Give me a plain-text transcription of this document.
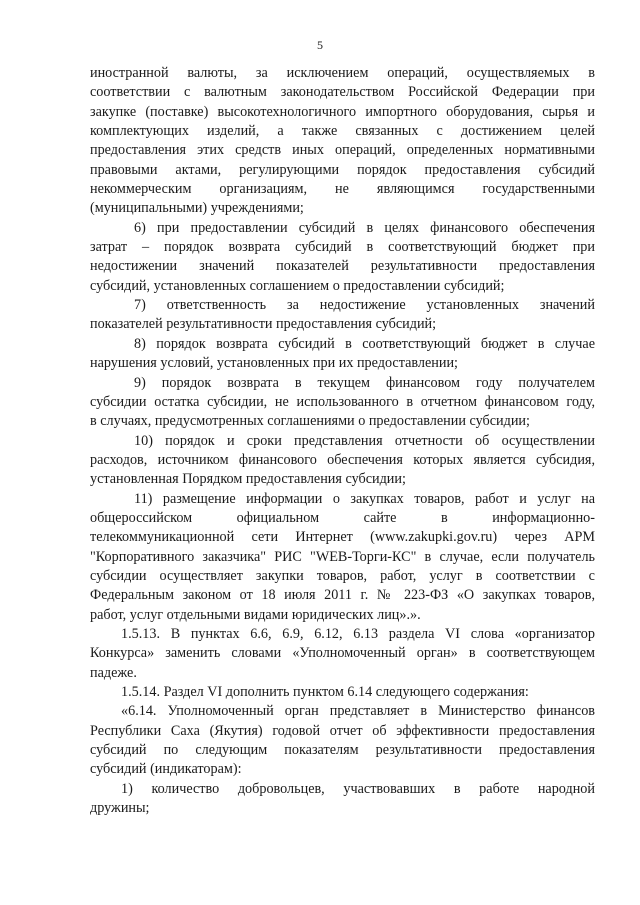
5
иностранной валюты, за исключением операций, осуществляемых в
соответствии с валютным законодательством Российской Федерации при
закупке (поставке) высокотехнологичного импортного оборудования, сырья и
комплектующих изделий, а также связанных с достижением целей
предоставления этих средств иных операций, определенных нормативными
правовыми актами, регулирующими порядок предоставления субсидий
некоммерческим организациям, не являющимся государственными
(муниципальными) учреждениями;
6) при предоставлении субсидий в целях финансового обеспечения
затрат – порядок возврата субсидий в соответствующий бюджет при
недостижении значений показателей результативности предоставления
субсидий, установленных соглашением о предоставлении субсидий;
7) ответственность за недостижение установленных значений
показателей результативности предоставления субсидий;
8) порядок возврата субсидий в соответствующий бюджет в случае
нарушения условий, установленных при их предоставлении;
9) порядок возврата в текущем финансовом году получателем
субсидии остатка субсидии, не использованного в отчетном финансовом году,
в случаях, предусмотренных соглашениями о предоставлении субсидии;
10) порядок и сроки представления отчетности об осуществлении
расходов, источником финансового обеспечения которых является субсидия,
установленная Порядком предоставления субсидии;
11) размещение информации о закупках товаров, работ и услуг на
общероссийском официальном сайте в информационно-
телекоммуникационной сети Интернет (www.zakupki.gov.ru) через АРМ
"Корпоративного заказчика" РИС "WEB-Торги-КС" в случае, если получатель
субсидии осуществляет закупки товаров, работ, услуг в соответствии с
Федеральным законом от 18 июля 2011 г. № 223-ФЗ «О закупках товаров,
работ, услуг отдельными видами юридических лиц».».
1.5.13. В пунктах 6.6, 6.9, 6.12, 6.13 раздела VI слова «организатор
Конкурса» заменить словами «Уполномоченный орган» в соответствующем
падеже.
1.5.14. Раздел VI дополнить пунктом 6.14 следующего содержания:
«6.14. Уполномоченный орган представляет в Министерство финансов
Республики Саха (Якутия) годовой отчет об эффективности предоставления
субсидий по следующим показателям результативности предоставления
субсидий (индикаторам):
1) количество добровольцев, участвовавших в работе народной
дружины;
